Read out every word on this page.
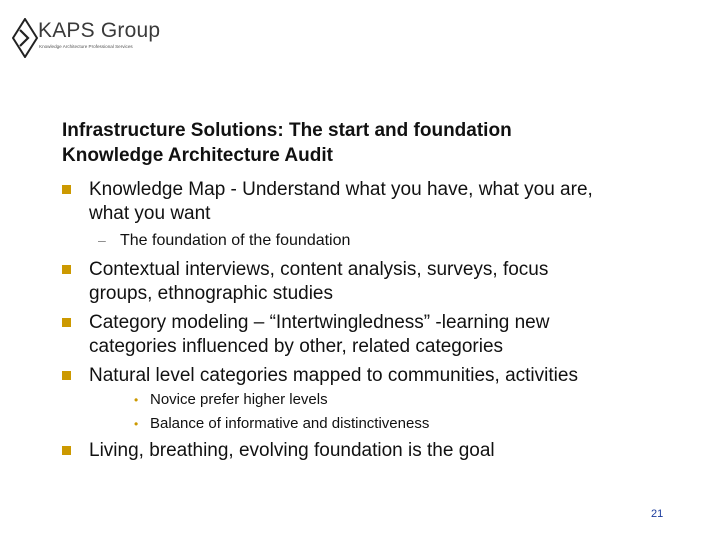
KAPS Group
Knowledge Architecture Professional Services
Infrastructure Solutions: The start and foundation
Knowledge Architecture Audit
Knowledge Map - Understand what you have, what you are,
what you want
– The foundation of the foundation
Contextual interviews, content analysis, surveys, focus
groups, ethnographic studies
Category modeling – “Intertwingledness” -learning new
categories influenced by other, related categories
Natural level categories mapped to communities, activities
• Novice prefer higher levels
• Balance of informative and distinctiveness
Living, breathing, evolving foundation is the goal
21
